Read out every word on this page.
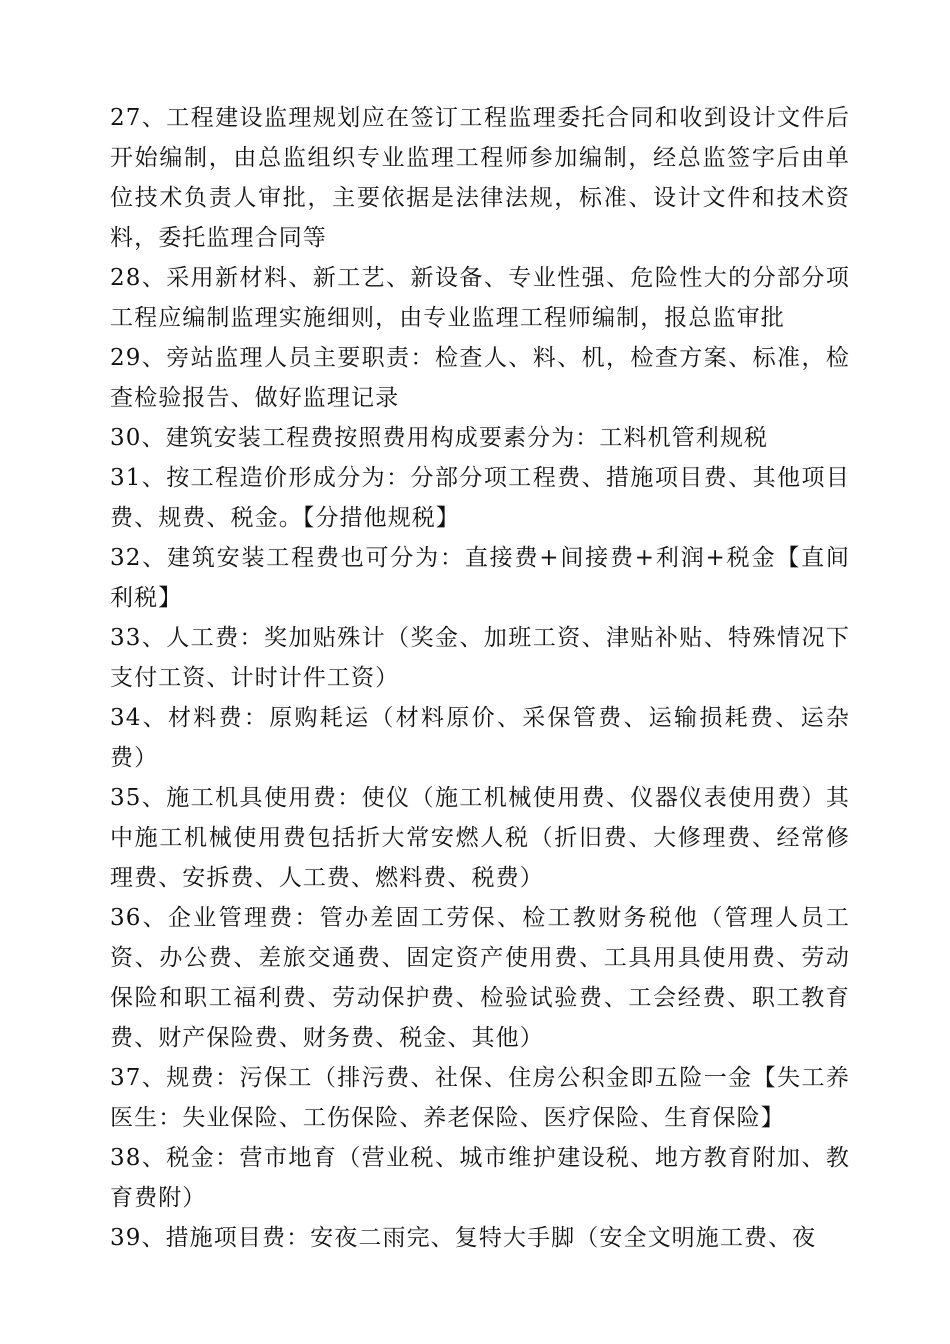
27、工程建设监理规划应在签订工程监理委托合同和收到设计文件后开始编制，由总监组织专业监理工程师参加编制，经总监签字后由单位技术负责人审批，主要依据是法律法规，标准、设计文件和技术资料，委托监理合同等

28、采用新材料、新工艺、新设备、专业性强、危险性大的分部分项工程应编制监理实施细则，由专业监理工程师编制，报总监审批

29、旁站监理人员主要职责：检查人、料、机，检查方案、标准，检查检验报告、做好监理记录

30、建筑安装工程费按照费用构成要素分为：工料机管利规税

31、按工程造价形成分为：分部分项工程费、措施项目费、其他项目费、规费、税金。【分措他规税】

32、建筑安装工程费也可分为：直接费+间接费+利润+税金【直间利税】

33、人工费：奖加贴殊计（奖金、加班工资、津贴补贴、特殊情况下支付工资、计时计件工资）

34、材料费：原购耗运（材料原价、采保管费、运输损耗费、运杂费）

35、施工机具使用费：使仪（施工机械使用费、仪器仪表使用费）其中施工机械使用费包括折大常安燃人税（折旧费、大修理费、经常修理费、安拆费、人工费、燃料费、税费）

36、企业管理费：管办差固工劳保、检工教财务税他（管理人员工资、办公费、差旅交通费、固定资产使用费、工具用具使用费、劳动保险和职工福利费、劳动保护费、检验试验费、工会经费、职工教育费、财产保险费、财务费、税金、其他）

37、规费：污保工（排污费、社保、住房公积金即五险一金【失工养医生：失业保险、工伤保险、养老保险、医疗保险、生育保险】

38、税金：营市地育（营业税、城市维护建设税、地方教育附加、教育费附）

39、措施项目费：安夜二雨完、复特大手脚（安全文明施工费、夜
